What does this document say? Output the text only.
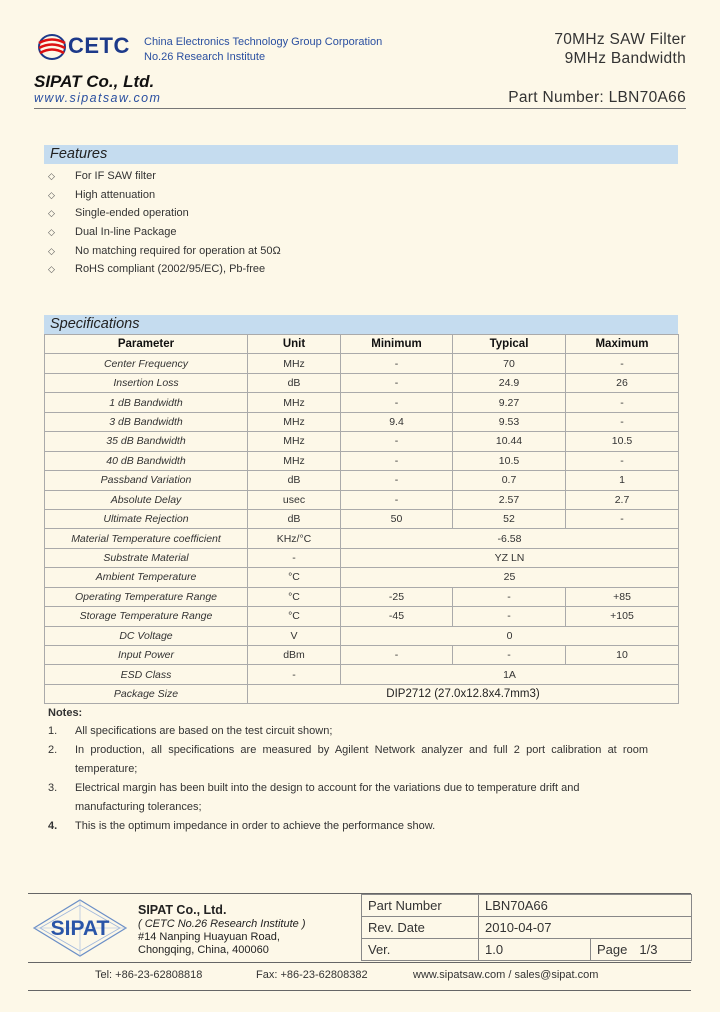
CETC China Electronics Technology Group Corporation
No.26 Research Institute
SIPAT Co., Ltd.
www.sipatsaw.com
70MHz SAW Filter
9MHz Bandwidth
Part Number: LBN70A66
Features
◇ For IF SAW filter
◇ High attenuation
◇ Single-ended operation
◇ Dual In-line Package
◇ No matching required for operation at 50Ω
◇ RoHS compliant (2002/95/EC), Pb-free
Specifications
Parameter	Unit	Minimum	Typical	Maximum
Center Frequency	MHz	-	70	-
Insertion Loss	dB	-	24.9	26
1 dB Bandwidth	MHz	-	9.27	-
3 dB Bandwidth	MHz	9.4	9.53	-
35 dB Bandwidth	MHz	-	10.44	10.5
40 dB Bandwidth	MHz	-	10.5	-
Passband Variation	dB	-	0.7	1
Absolute Delay	usec	-	2.57	2.7
Ultimate Rejection	dB	50	52	-
Material Temperature coefficient	KHz/°C	-6.58		
Substrate Material	-	YZ LN		
Ambient Temperature	°C	25		
Operating Temperature Range	°C	-25	-	+85
Storage Temperature Range	°C	-45	-	+105
DC Voltage	V	0		
Input Power	dBm	-	-	10
ESD Class	-	1A		
Package Size	DIP2712 (27.0x12.8x4.7mm3)			
Notes:
1. All specifications are based on the test circuit shown;
2. In production, all specifications are measured by Agilent Network analyzer and full 2 port calibration at room temperature;
3. Electrical margin has been built into the design to account for the variations due to temperature drift and manufacturing tolerances;
4. This is the optimum impedance in order to achieve the performance show.
SIPAT
SIPAT Co., Ltd.
( CETC No.26 Research Institute )
#14 Nanping Huayuan Road,
Chongqing, China, 400060
Part Number	LBN70A66	
Rev. Date	2010-04-07	
Ver.	1.0	Page 1/3
Tel: +86-23-62808818	Fax: +86-23-62808382	www.sipatsaw.com / sales@sipat.com
